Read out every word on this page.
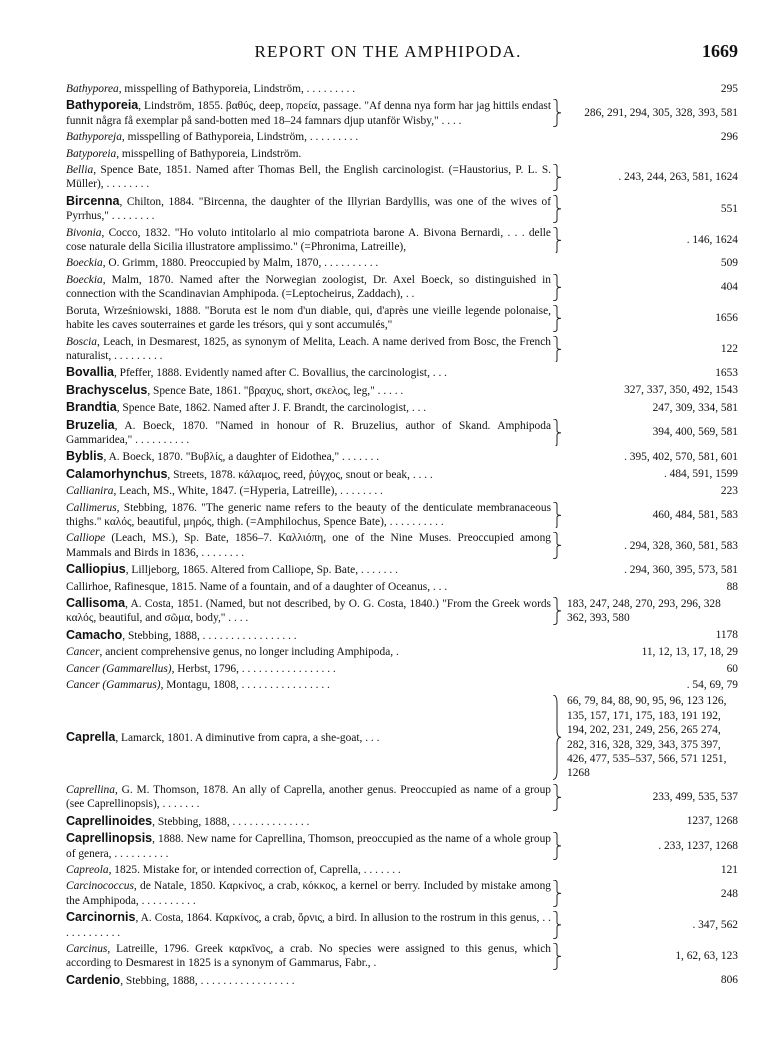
REPORT ON THE AMPHIPODA.	1669
Bathyporea, misspelling of Bathyporeia, Lindström, . . . . . . . . .	295
Bathyporeia, Lindström, 1855. βαθύς, deep, πορεία, passage. "Af denna nya form har jag hittils endast funnit några få exemplar på sand-botten med 18–24 famnars djup utanför Wisby," . . . .
286, 291, 294, 305, 328, 393, 581
Bathyporeja, misspelling of Bathyporeia, Lindström, . . . . . . . . .	296
Batyporeia, misspelling of Bathyporeia, Lindström.
Bellia, Spence Bate, 1851. Named after Thomas Bell, the English carcinologist. (=Haustorius, P. L. S. Müller), . . . . . . . .
. 243, 244, 263, 581, 1624
Bircenna, Chilton, 1884. "Bircenna, the daughter of the Illyrian Bardyllis, was one of the wives of Pyrrhus," . . . . . . . .
551
Bivonia, Cocco, 1832. "Ho voluto intitolarlo al mio compatriota barone A. Bivona Bernardi, . . . delle cose naturale della Sicilia illustratore amplissimo." (=Phronima, Latreille),
. 146, 1624
Boeckia, O. Grimm, 1880. Preoccupied by Malm, 1870, . . . . . . . . . .	509
Boeckia, Malm, 1870. Named after the Norwegian zoologist, Dr. Axel Boeck, so distinguished in connection with the Scandinavian Amphipoda. (=Leptocheirus, Zaddach), . .
404
Boruta, Wrześniowski, 1888. "Boruta est le nom d'un diable, qui, d'après une vieille legende polonaise, habite les caves souterraines et garde les trésors, qui y sont accumulés,"
1656
Boscia, Leach, in Desmarest, 1825, as synonym of Melita, Leach. A name derived from Bosc, the French naturalist, . . . . . . . . .
122
Bovallia, Pfeffer, 1888. Evidently named after C. Bovallius, the carcinologist, . . .	1653
Brachyscelus, Spence Bate, 1861. "βραχυς, short, σκελος, leg," . . . . .	327, 337, 350, 492, 1543
Brandtia, Spence Bate, 1862. Named after J. F. Brandt, the carcinologist, . . .	247, 309, 334, 581
Bruzelia, A. Boeck, 1870. "Named in honour of R. Bruzelius, author of Skand. Amphipoda Gammaridea," . . . . . . . . . .
394, 400, 569, 581
Byblis, A. Boeck, 1870. "Βυβλίς, a daughter of Eidothea," . . . . . . .	. 395, 402, 570, 581, 601
Calamorhynchus, Streets, 1878. κάλαμος, reed, ῥύγχος, snout or beak, . . . .	. 484, 591, 1599
Callianira, Leach, MS., White, 1847. (=Hyperia, Latreille), . . . . . . . .	223
Callimerus, Stebbing, 1876. "The generic name refers to the beauty of the denticulate membranaceous thighs." καλός, beautiful, μηρός, thigh. (=Amphilochus, Spence Bate), . . . . . . . . . .
460, 484, 581, 583
Calliope (Leach, MS.), Sp. Bate, 1856–7. Καλλιόπη, one of the Nine Muses. Preoccupied among Mammals and Birds in 1836, . . . . . . . .
. 294, 328, 360, 581, 583
Calliopius, Lilljeborg, 1865. Altered from Calliope, Sp. Bate, . . . . . . .	. 294, 360, 395, 573, 581
Callirhoe, Rafinesque, 1815. Name of a fountain, and of a daughter of Oceanus, . . .	88
Callisoma, A. Costa, 1851. (Named, but not described, by O. G. Costa, 1840.) "From the Greek words καλός, beautiful, and σῶμα, body," . . . .
183, 247, 248, 270, 293, 296, 328 362, 393, 580
Camacho, Stebbing, 1888, . . . . . . . . . . . . . . . . .	1178
Cancer, ancient comprehensive genus, no longer including Amphipoda, .	11, 12, 13, 17, 18, 29
Cancer (Gammarellus), Herbst, 1796, . . . . . . . . . . . . . . . . .	60
Cancer (Gammarus), Montagu, 1808, . . . . . . . . . . . . . . . .	. 54, 69, 79
Caprella, Lamarck, 1801. A diminutive from capra, a she-goat, . . .
66, 79, 84, 88, 90, 95, 96, 123 126, 135, 157, 171, 175, 183, 191 192, 194, 202, 231, 249, 256, 265 274, 282, 316, 328, 329, 343, 375 397, 426, 477, 535–537, 566, 571 1251, 1268
Caprellina, G. M. Thomson, 1878. An ally of Caprella, another genus. Preoccupied as name of a group (see Caprellinopsis), . . . . . . .
233, 499, 535, 537
Caprellinoides, Stebbing, 1888, . . . . . . . . . . . . . .	1237, 1268
Caprellinopsis, 1888. New name for Caprellina, Thomson, preoccupied as the name of a whole group of genera, . . . . . . . . . .
. 233, 1237, 1268
Capreola, 1825. Mistake for, or intended correction of, Caprella, . . . . . . .	121
Carcinococcus, de Natale, 1850. Καρκίνος, a crab, κόκκος, a kernel or berry. Included by mistake among the Amphipoda, . . . . . . . . . .
248
Carcinornis, A. Costa, 1864. Καρκίνος, a crab, ὄρνις, a bird. In allusion to the rostrum in this genus, . . . . . . . . . . . .
. 347, 562
Carcinus, Latreille, 1796. Greek καρκῖνος, a crab. No species were assigned to this genus, which according to Desmarest in 1825 is a synonym of Gammarus, Fabr., .
1, 62, 63, 123
Cardenio, Stebbing, 1888, . . . . . . . . . . . . . . . . .	806
